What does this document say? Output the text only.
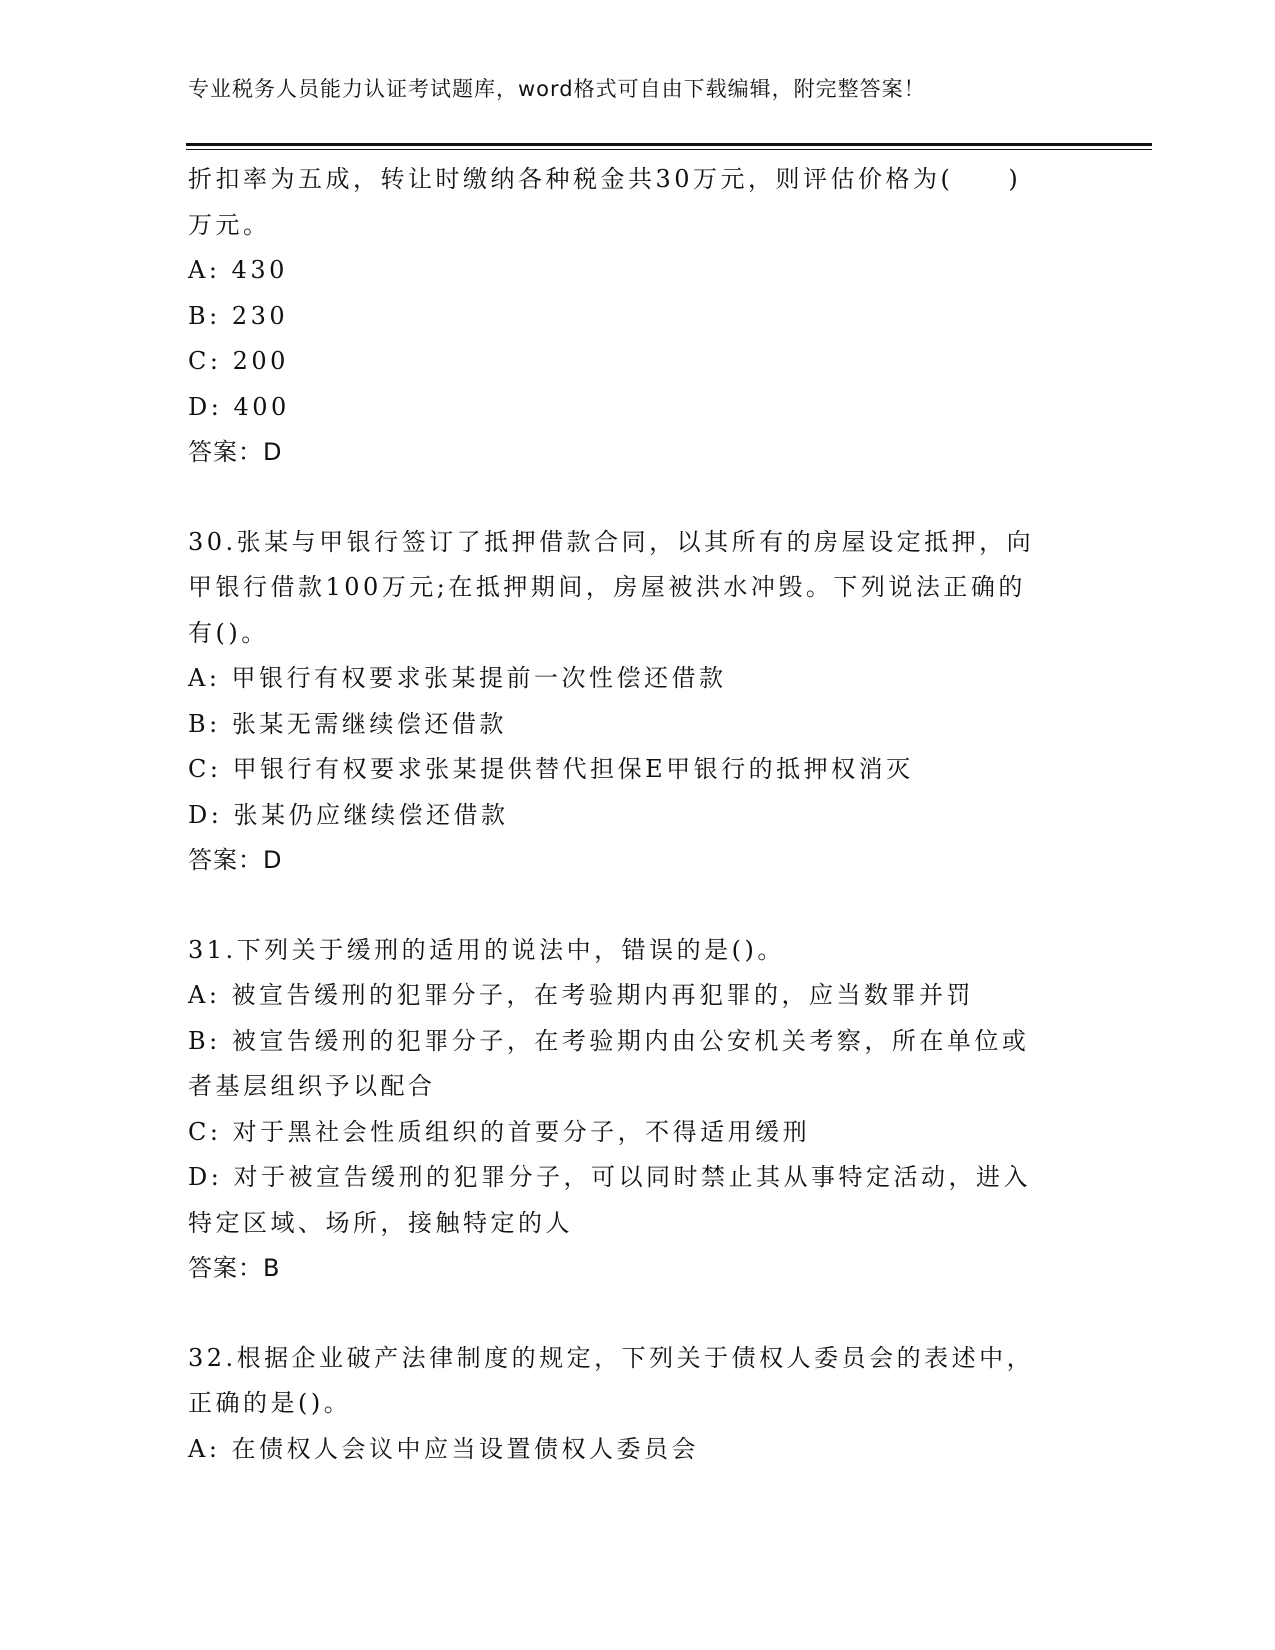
专业税务人员能力认证考试题库，word格式可自由下载编辑，附完整答案！
折扣率为五成，转让时缴纳各种税金共30万元，则评估价格为(　　)
万元。
A: 430
B: 230
C: 200
D: 400
答案：D
30.张某与甲银行签订了抵押借款合同，以其所有的房屋设定抵押，向
甲银行借款100万元;在抵押期间，房屋被洪水冲毁。下列说法正确的
有()。
A: 甲银行有权要求张某提前一次性偿还借款
B: 张某无需继续偿还借款
C: 甲银行有权要求张某提供替代担保E甲银行的抵押权消灭
D: 张某仍应继续偿还借款
答案：D
31.下列关于缓刑的适用的说法中，错误的是()。
A: 被宣告缓刑的犯罪分子，在考验期内再犯罪的，应当数罪并罚
B: 被宣告缓刑的犯罪分子，在考验期内由公安机关考察，所在单位或
者基层组织予以配合
C: 对于黑社会性质组织的首要分子，不得适用缓刑
D: 对于被宣告缓刑的犯罪分子，可以同时禁止其从事特定活动，进入
特定区域、场所，接触特定的人
答案：B
32.根据企业破产法律制度的规定，下列关于债权人委员会的表述中，
正确的是()。
A: 在债权人会议中应当设置债权人委员会
